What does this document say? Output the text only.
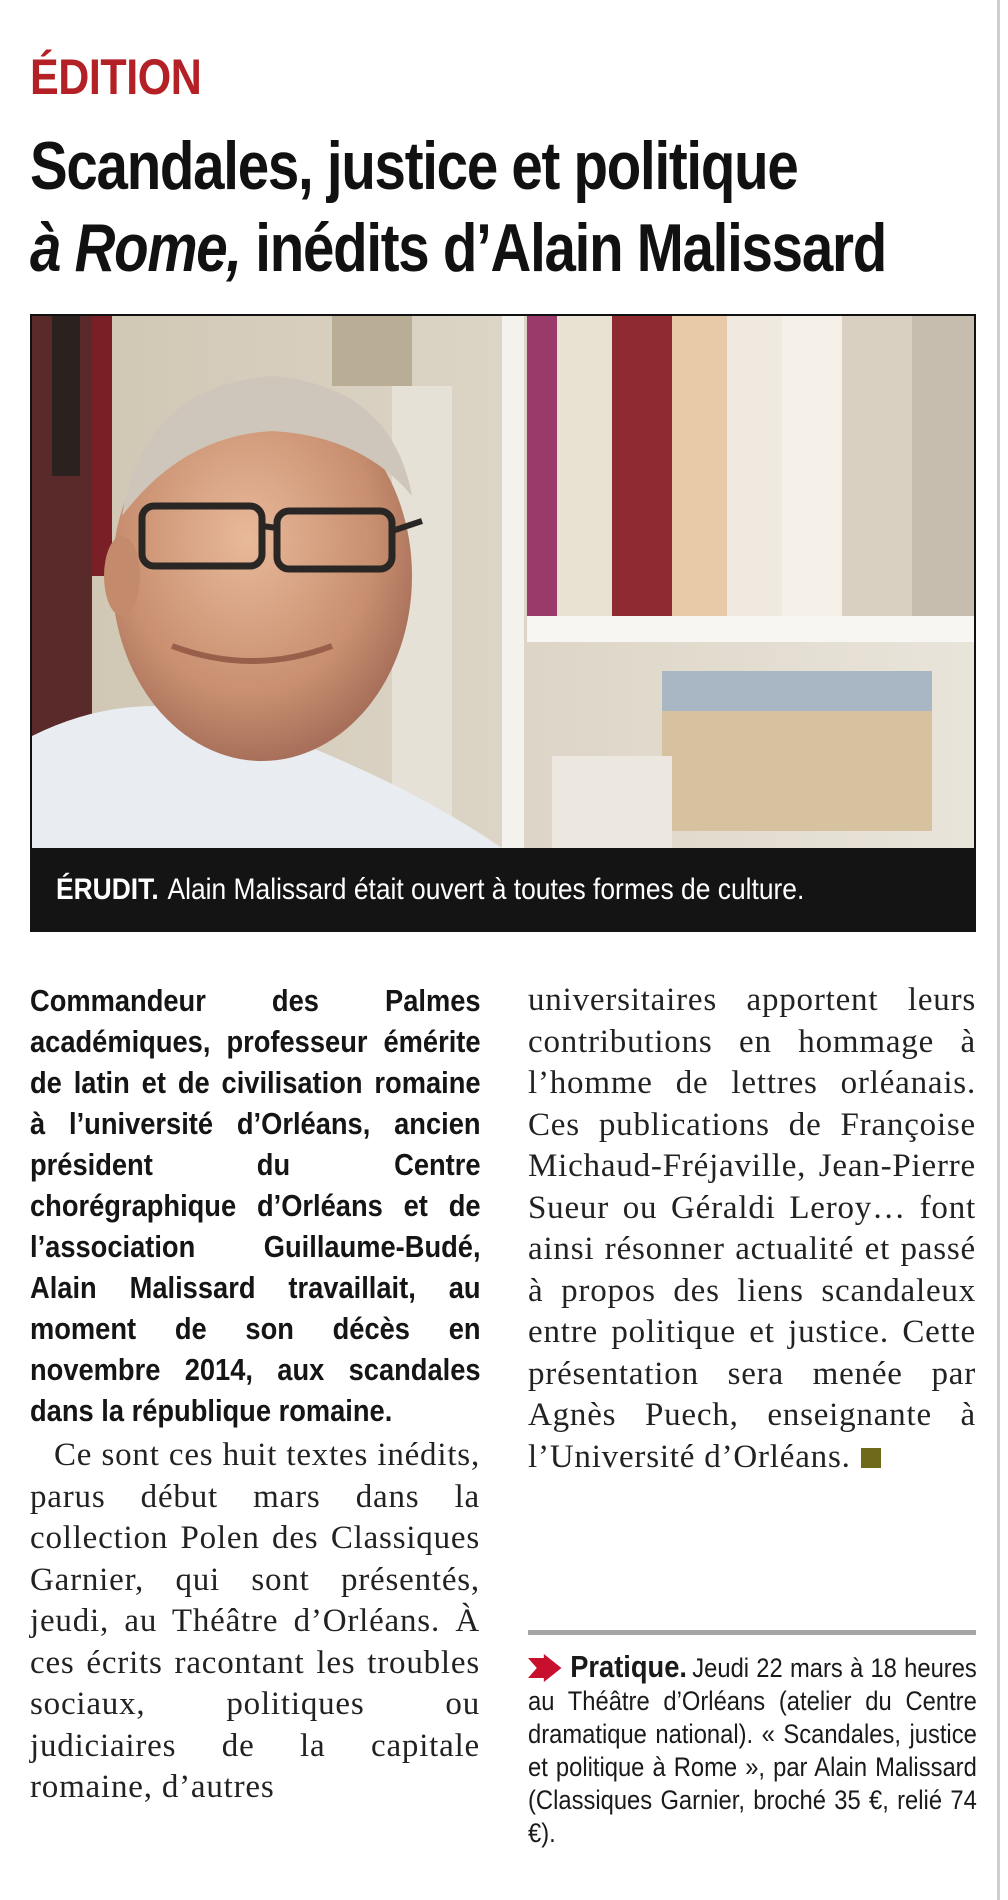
ÉDITION
Scandales, justice et politique
à Rome, inédits d’Alain Malissard
ÉRUDIT. Alain Malissard était ouvert à toutes formes de culture.

Commandeur des Palmes académiques, professeur émérite de latin et de civilisation romaine à l’université d’Orléans, ancien président du Centre chorégraphique d’Orléans et de l’association Guillaume-Budé, Alain Malissard travaillait, au moment de son décès en novembre 2014, aux scandales dans la république romaine.

Ce sont ces huit textes inédits, parus début mars dans la collection Polen des Classiques Garnier, qui sont présentés, jeudi, au Théâtre d’Orléans. À ces écrits racontant les troubles sociaux, politiques ou judiciaires de la capitale romaine, d’autres

universitaires apportent leurs contributions en hommage à l’homme de lettres orléanais. Ces publications de Françoise Michaud-Fréjaville, Jean-Pierre Sueur ou Géraldi Leroy… font ainsi résonner actualité et passé à propos des liens scandaleux entre politique et justice. Cette présentation sera menée par Agnès Puech, enseignante à l’Université d’Orléans.

Pratique. Jeudi 22 mars à 18 heures au Théâtre d’Orléans (atelier du Centre dramatique national). « Scandales, justice et politique à Rome », par Alain Malissard (Classiques Garnier, broché 35 €, relié 74 €).
